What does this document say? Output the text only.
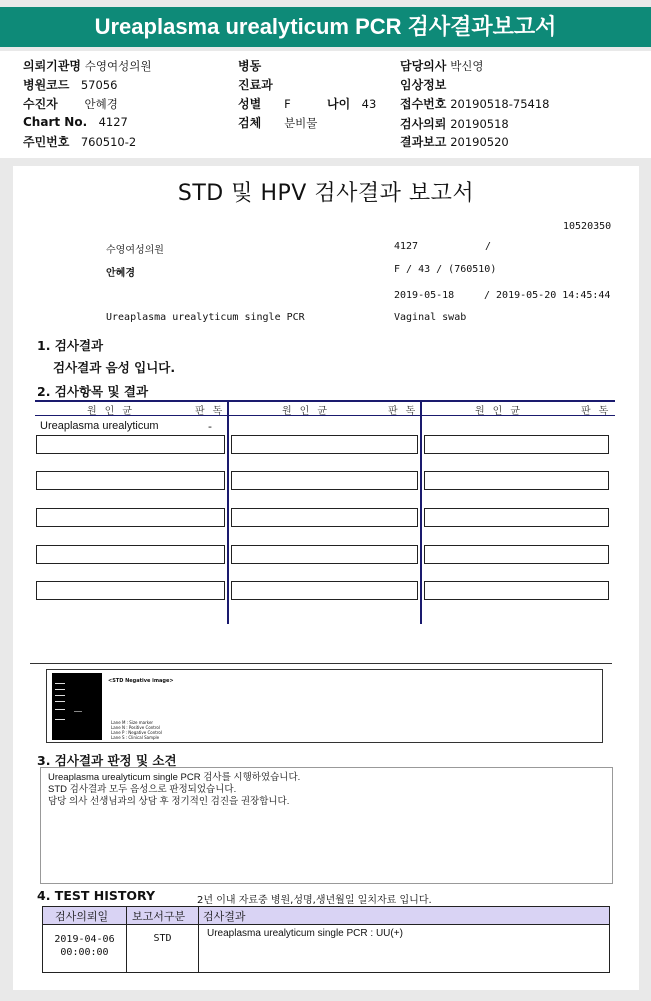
Ureaplasma urealyticum PCR 검사결과보고서
의뢰기관명 수영여성의원
병원코드 57056
수진자 안혜경
Chart No. 4127
주민번호 760510-2
병동
진료과
성별 F	나이 43
검체 분비물
담당의사 박신영
임상정보
접수번호 20190518-75418
검사의뢰 20190518
결과보고 20190520
STD 및 HPV 검사결과 보고서
10520350
수영여성의원	4127	/
안혜경	F / 43 / (760510)
2019-05-18	/ 2019-05-20 14:45:44
Ureaplasma urealyticum single PCR	Vaginal swab
1. 검사결과
검사결과 음성 입니다.
2. 검사항목 및 결과
원인균	판독	원인균	판독	원인균	판독
Ureaplasma urealyticum	-
<STD Negative image>
Lane M : Size marker
Lane N : Positive Control
Lane P : Negative Control
Lane S : Clinical Sample
3. 검사결과 판정 및 소견
Ureaplasma urealyticum single PCR 검사를 시행하였습니다.
STD 검사결과 모두 음성으로 판정되었습니다.
담당 의사 선생님과의 상담 후 정기적인 검진을 권장합니다.
4. TEST HISTORY	2년 이내 자료중 병원,성명,생년월일 일치자료 입니다.
검사의뢰일	보고서구분	검사결과

2019-04-06
00:00:00	STD	Ureaplasma urealyticum single PCR : UU(+)
